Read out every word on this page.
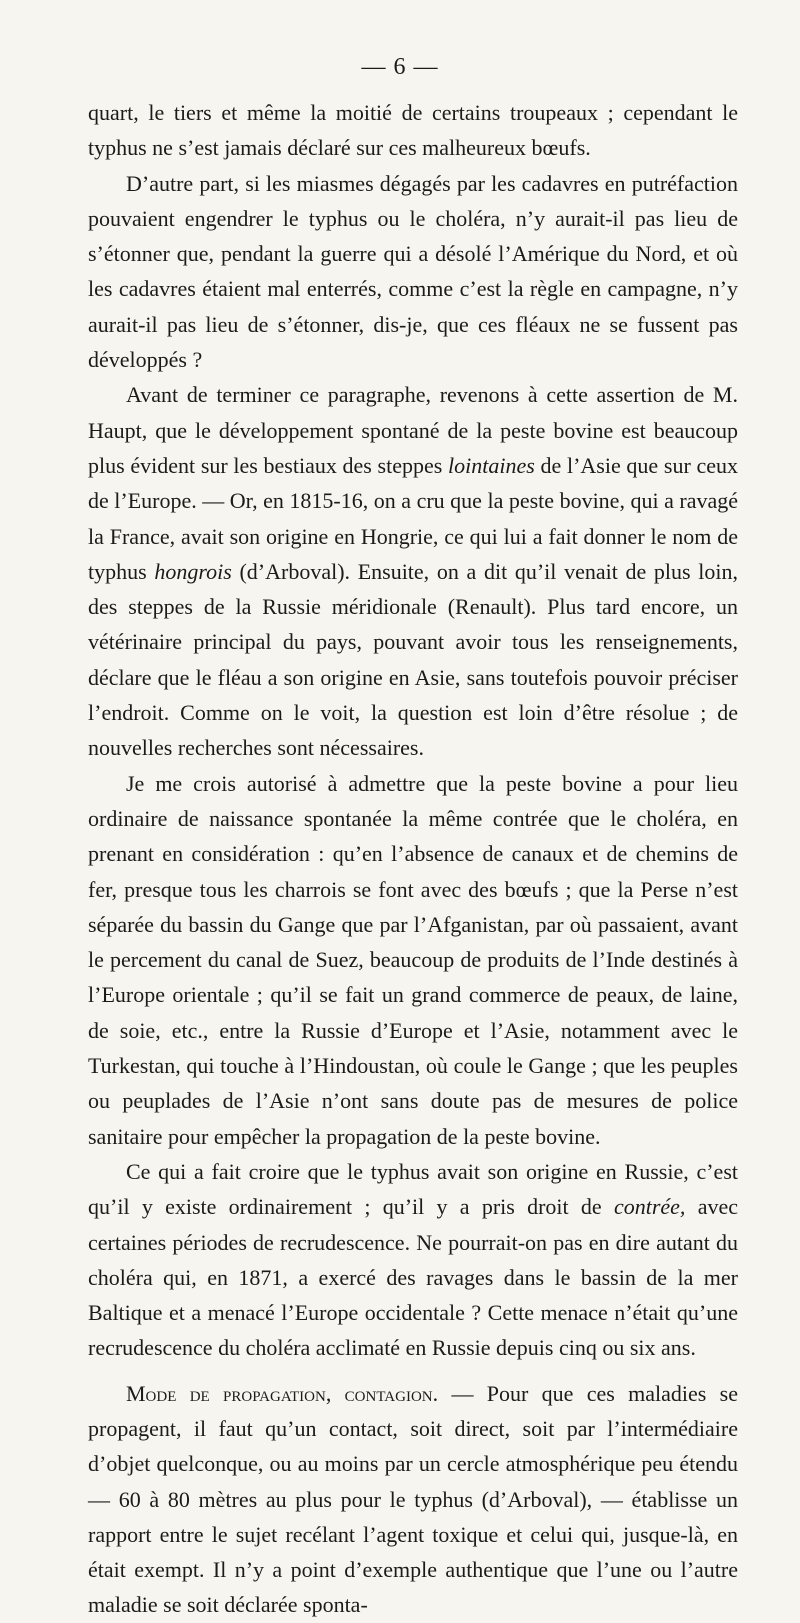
— 6 —

quart, le tiers et même la moitié de certains troupeaux ; cependant le typhus ne s’est jamais déclaré sur ces malheureux bœufs.

D’autre part, si les miasmes dégagés par les cadavres en putréfaction pouvaient engendrer le typhus ou le choléra, n’y aurait-il pas lieu de s’étonner que, pendant la guerre qui a désolé l’Amérique du Nord, et où les cadavres étaient mal enterrés, comme c’est la règle en campagne, n’y aurait-il pas lieu de s’étonner, dis-je, que ces fléaux ne se fussent pas développés ?

Avant de terminer ce paragraphe, revenons à cette assertion de M. Haupt, que le développement spontané de la peste bovine est beaucoup plus évident sur les bestiaux des steppes lointaines de l’Asie que sur ceux de l’Europe. — Or, en 1815-16, on a cru que la peste bovine, qui a ravagé la France, avait son origine en Hongrie, ce qui lui a fait donner le nom de typhus hongrois (d’Arboval). Ensuite, on a dit qu’il venait de plus loin, des steppes de la Russie méridionale (Renault). Plus tard encore, un vétérinaire principal du pays, pouvant avoir tous les renseignements, déclare que le fléau a son origine en Asie, sans toutefois pouvoir préciser l’endroit. Comme on le voit, la question est loin d’être résolue ; de nouvelles recherches sont nécessaires.

Je me crois autorisé à admettre que la peste bovine a pour lieu ordinaire de naissance spontanée la même contrée que le choléra, en prenant en considération : qu’en l’absence de canaux et de chemins de fer, presque tous les charrois se font avec des bœufs ; que la Perse n’est séparée du bassin du Gange que par l’Afganistan, par où passaient, avant le percement du canal de Suez, beaucoup de produits de l’Inde destinés à l’Europe orientale ; qu’il se fait un grand commerce de peaux, de laine, de soie, etc., entre la Russie d’Europe et l’Asie, notamment avec le Turkestan, qui touche à l’Hindoustan, où coule le Gange ; que les peuples ou peuplades de l’Asie n’ont sans doute pas de mesures de police sanitaire pour empêcher la propagation de la peste bovine.

Ce qui a fait croire que le typhus avait son origine en Russie, c’est qu’il y existe ordinairement ; qu’il y a pris droit de contrée, avec certaines périodes de recrudescence. Ne pourrait-on pas en dire autant du choléra qui, en 1871, a exercé des ravages dans le bassin de la mer Baltique et a menacé l’Europe occidentale ? Cette menace n’était qu’une recrudescence du choléra acclimaté en Russie depuis cinq ou six ans.

Mode de propagation, contagion. — Pour que ces maladies se propagent, il faut qu’un contact, soit direct, soit par l’intermédiaire d’objet quelconque, ou au moins par un cercle atmosphérique peu étendu — 60 à 80 mètres au plus pour le typhus (d’Arboval), — établisse un rapport entre le sujet recélant l’agent toxique et celui qui, jusque-là, en était exempt. Il n’y a point d’exemple authentique que l’une ou l’autre maladie se soit déclarée sponta-
